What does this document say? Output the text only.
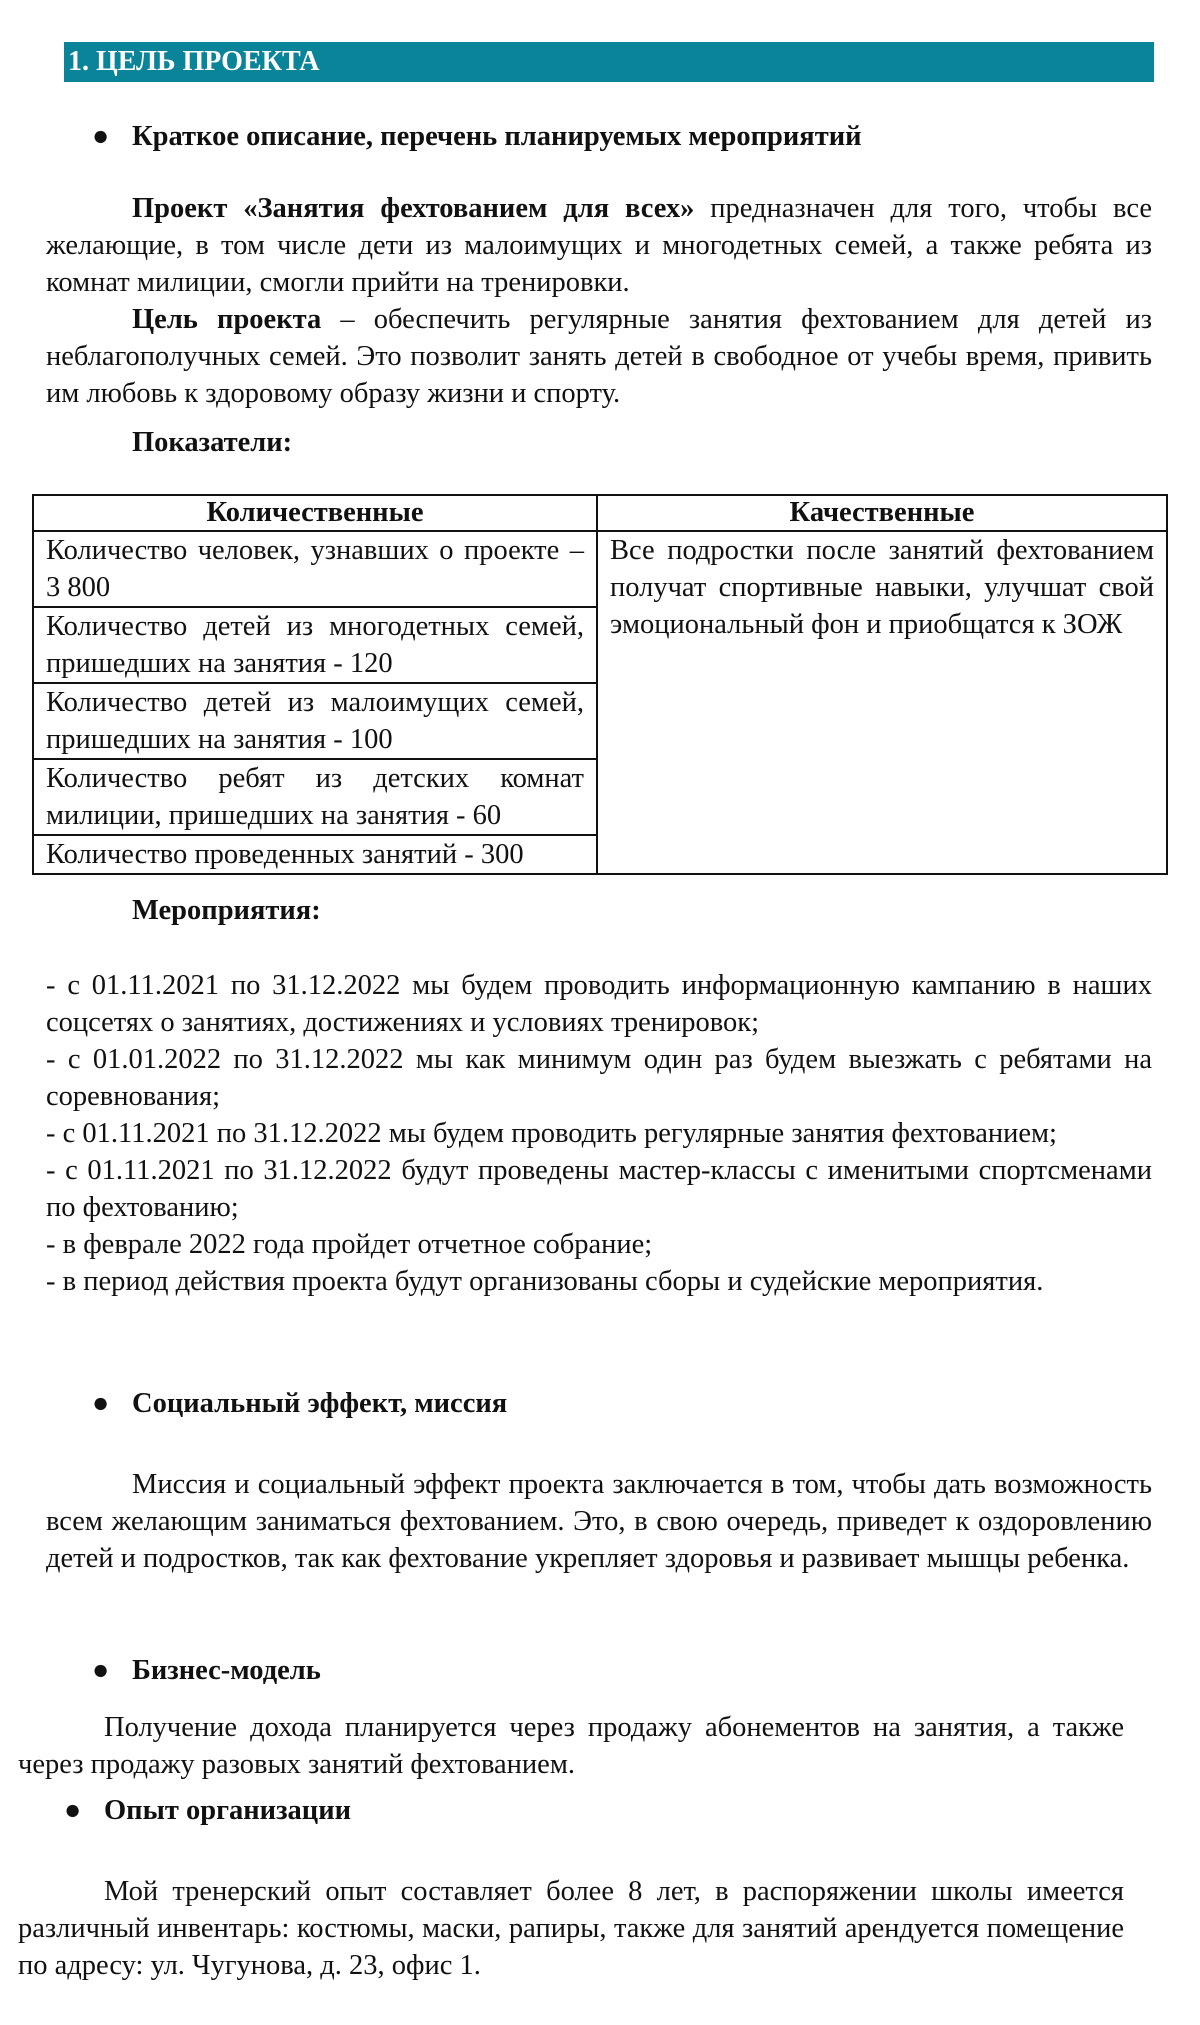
1. ЦЕЛЬ ПРОЕКТА
● Краткое описание, перечень планируемых мероприятий

Проект «Занятия фехтованием для всех» предназначен для того, чтобы все желающие, в том числе дети из малоимущих и многодетных семей, а также ребята из комнат милиции, смогли прийти на тренировки.

Цель проекта – обеспечить регулярные занятия фехтованием для детей из неблагополучных семей. Это позволит занять детей в свободное от учебы время, привить им любовь к здоровому образу жизни и спорту.

Показатели:
Количественные	Качественные
Количество человек, узнавших о проекте – 3 800	Все подростки после занятий фехтованием получат спортивные навыки, улучшат свой эмоциональный фон и приобщатся к ЗОЖ
Количество детей из многодетных семей, пришедших на занятия - 120	
Количество детей из малоимущих семей, пришедших на занятия - 100	
Количество ребят из детских комнат милиции, пришедших на занятия - 60	
Количество проведенных занятий - 300	
Мероприятия:

- с 01.11.2021 по 31.12.2022 мы будем проводить информационную кампанию в наших соцсетях о занятиях, достижениях и условиях тренировок;

- с 01.01.2022 по 31.12.2022 мы как минимум один раз будем выезжать с ребятами на соревнования;

- с 01.11.2021 по 31.12.2022 мы будем проводить регулярные занятия фехтованием;

- с 01.11.2021 по 31.12.2022 будут проведены мастер-классы с именитыми спортсменами по фехтованию;

- в феврале 2022 года пройдет отчетное собрание;

- в период действия проекта будут организованы сборы и судейские мероприятия.

● Социальный эффект, миссия

Миссия и социальный эффект проекта заключается в том, чтобы дать возможность всем желающим заниматься фехтованием. Это, в свою очередь, приведет к оздоровлению детей и подростков, так как фехтование укрепляет здоровья и развивает мышцы ребенка.

● Бизнес-модель

Получение дохода планируется через продажу абонементов на занятия, а также через продажу разовых занятий фехтованием.

● Опыт организации

Мой тренерский опыт составляет более 8 лет, в распоряжении школы имеется различный инвентарь: костюмы, маски, рапиры, также для занятий арендуется помещение по адресу: ул. Чугунова, д. 23, офис 1.
